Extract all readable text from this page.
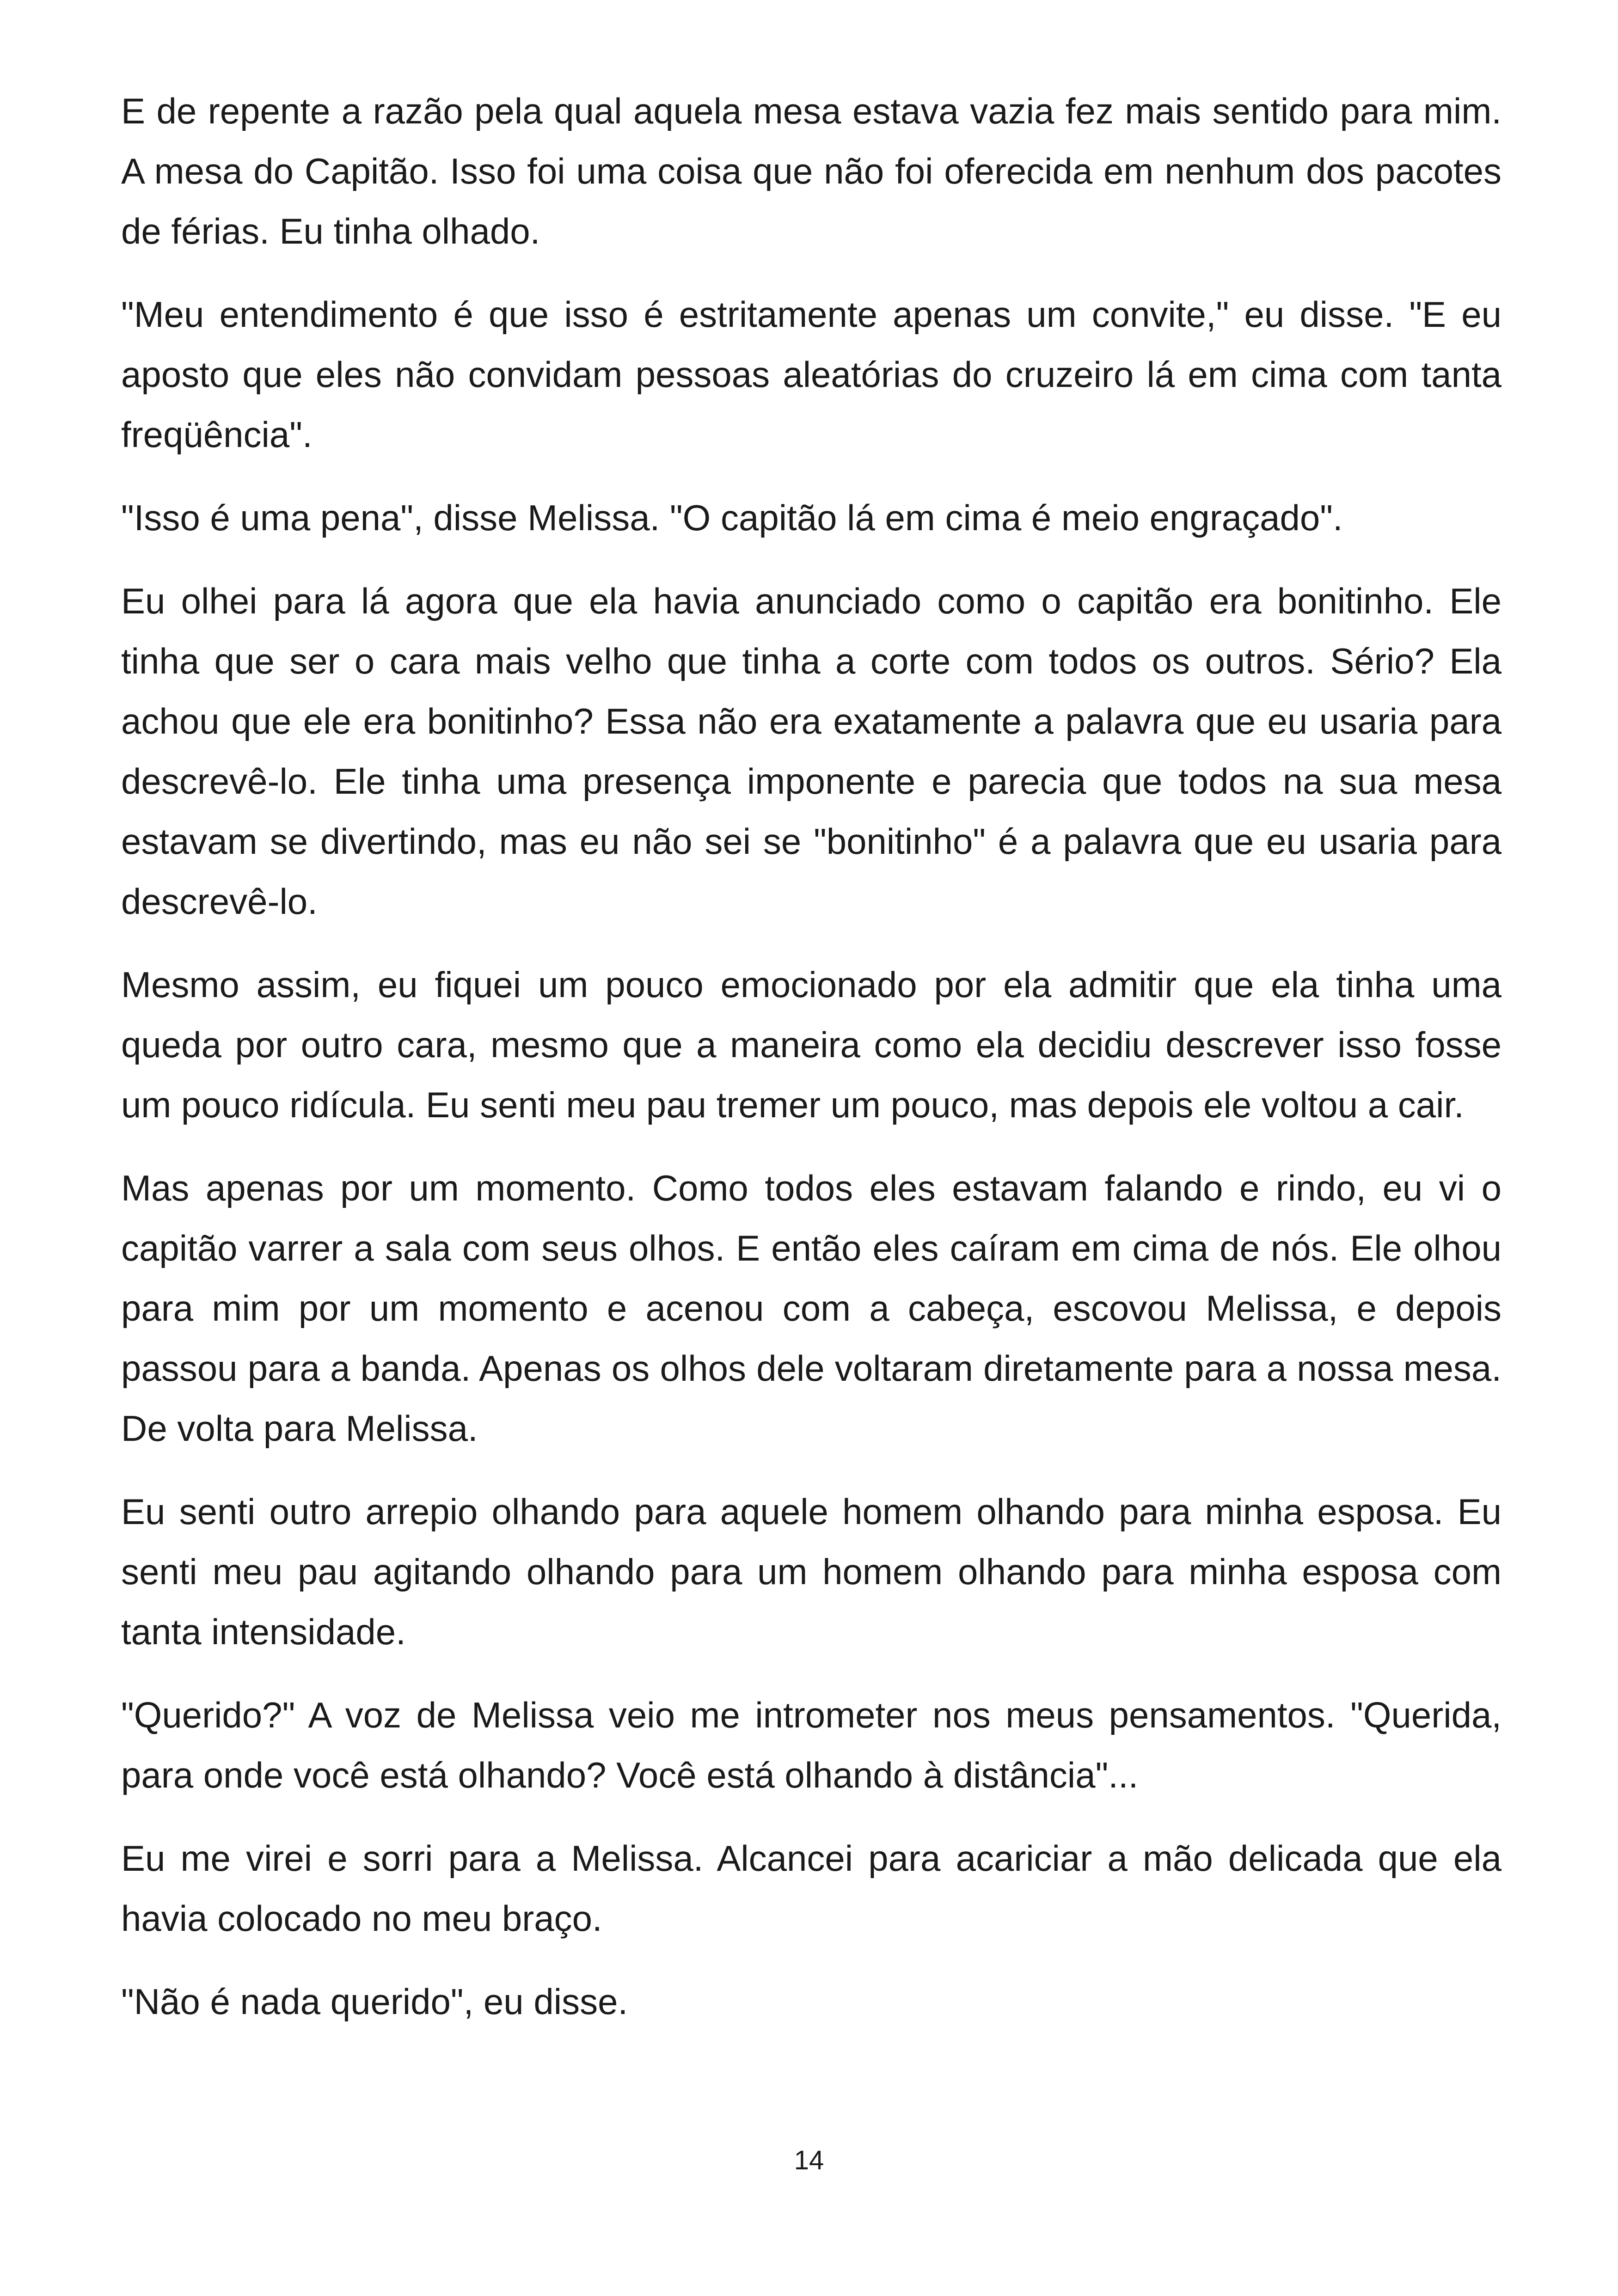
E de repente a razão pela qual aquela mesa estava vazia fez mais sentido para mim. A mesa do Capitão. Isso foi uma coisa que não foi oferecida em nenhum dos pacotes de férias. Eu tinha olhado.

"Meu entendimento é que isso é estritamente apenas um convite," eu disse. "E eu aposto que eles não convidam pessoas aleatórias do cruzeiro lá em cima com tanta freqüência".

"Isso é uma pena", disse Melissa. "O capitão lá em cima é meio engraçado".

Eu olhei para lá agora que ela havia anunciado como o capitão era bonitinho. Ele tinha que ser o cara mais velho que tinha a corte com todos os outros. Sério? Ela achou que ele era bonitinho? Essa não era exatamente a palavra que eu usaria para descrevê-lo. Ele tinha uma presença imponente e parecia que todos na sua mesa estavam se divertindo, mas eu não sei se "bonitinho" é a palavra que eu usaria para descrevê-lo.

Mesmo assim, eu fiquei um pouco emocionado por ela admitir que ela tinha uma queda por outro cara, mesmo que a maneira como ela decidiu descrever isso fosse um pouco ridícula. Eu senti meu pau tremer um pouco, mas depois ele voltou a cair.

Mas apenas por um momento. Como todos eles estavam falando e rindo, eu vi o capitão varrer a sala com seus olhos. E então eles caíram em cima de nós. Ele olhou para mim por um momento e acenou com a cabeça, escovou Melissa, e depois passou para a banda. Apenas os olhos dele voltaram diretamente para a nossa mesa. De volta para Melissa.

Eu senti outro arrepio olhando para aquele homem olhando para minha esposa. Eu senti meu pau agitando olhando para um homem olhando para minha esposa com tanta intensidade.

"Querido?" A voz de Melissa veio me intrometer nos meus pensamentos. "Querida, para onde você está olhando? Você está olhando à distância"...

Eu me virei e sorri para a Melissa. Alcancei para acariciar a mão delicada que ela havia colocado no meu braço.

"Não é nada querido", eu disse.

14
